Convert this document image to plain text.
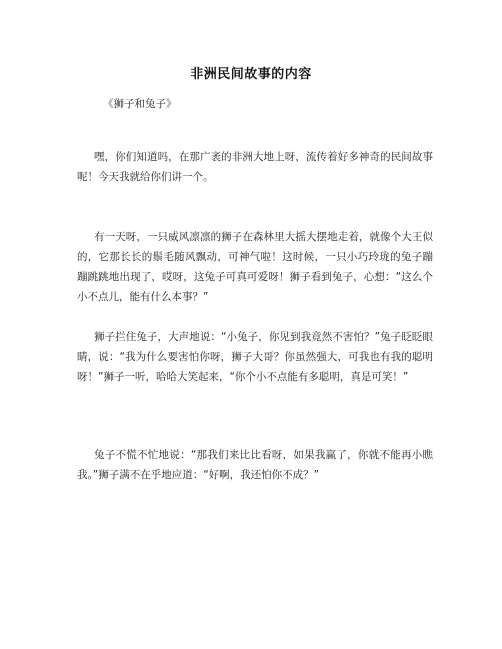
非洲民间故事的内容
《狮子和兔子》

嘿，你们知道吗，在那广袤的非洲大地上呀，流传着好多神奇的民间故事呢！今天我就给你们讲一个。

有一天呀，一只威风凛凛的狮子在森林里大摇大摆地走着，就像个大王似的，它那长长的鬃毛随风飘动，可神气啦！这时候，一只小巧玲珑的兔子蹦蹦跳跳地出现了，哎呀，这兔子可真可爱呀！狮子看到兔子，心想：“这么个小不点儿，能有什么本事？”

狮子拦住兔子，大声地说：“小兔子，你见到我竟然不害怕？”兔子眨眨眼睛，说：“我为什么要害怕你呀，狮子大哥？你虽然强大，可我也有我的聪明呀！”狮子一听，哈哈大笑起来，“你个小不点能有多聪明，真是可笑！”

兔子不慌不忙地说：“那我们来比比看呀，如果我赢了，你就不能再小瞧我。”狮子满不在乎地应道：“好啊，我还怕你不成？”
